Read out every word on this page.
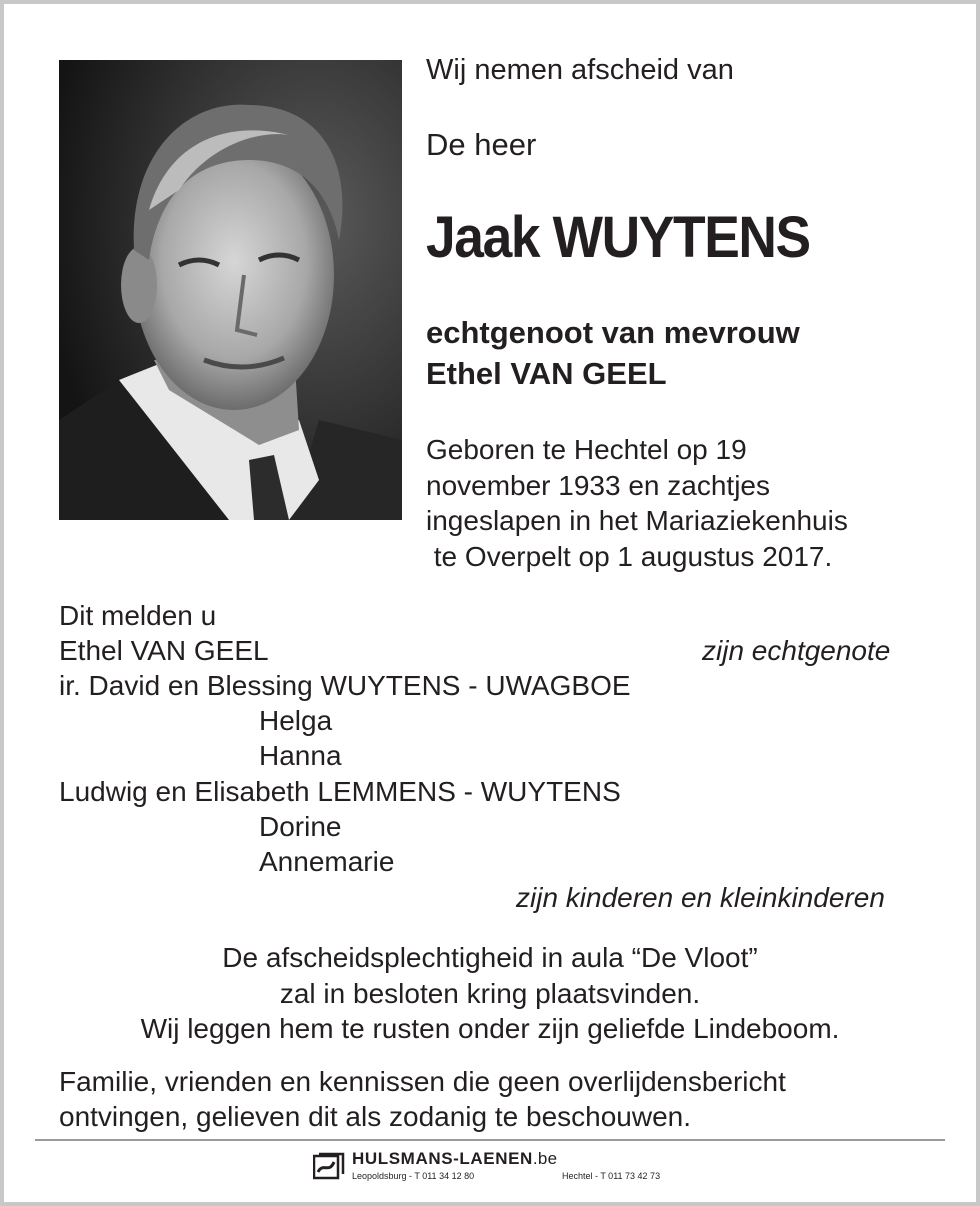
Wij nemen afscheid van
De heer
Jaak WUYTENS
echtgenoot van mevrouw
Ethel VAN GEEL
Geboren te Hechtel op 19
november 1933 en zachtjes
ingeslapen in het Mariaziekenhuis
te Overpelt op 1 augustus 2017.
Dit melden u
Ethel VAN GEEL	zijn echtgenote
ir. David en Blessing WUYTENS - UWAGBOE
Helga
Hanna
Ludwig en Elisabeth LEMMENS - WUYTENS
Dorine
Annemarie
zijn kinderen en kleinkinderen
De afscheidsplechtigheid in aula “De Vloot”
zal in besloten kring plaatsvinden.
Wij leggen hem te rusten onder zijn geliefde Lindeboom.
Familie, vrienden en kennissen die geen overlijdensbericht
ontvingen, gelieven dit als zodanig te beschouwen.
HULSMANS-LAENEN.be
Leopoldsburg - T 011 34 12 80	Hechtel - T 011 73 42 73
